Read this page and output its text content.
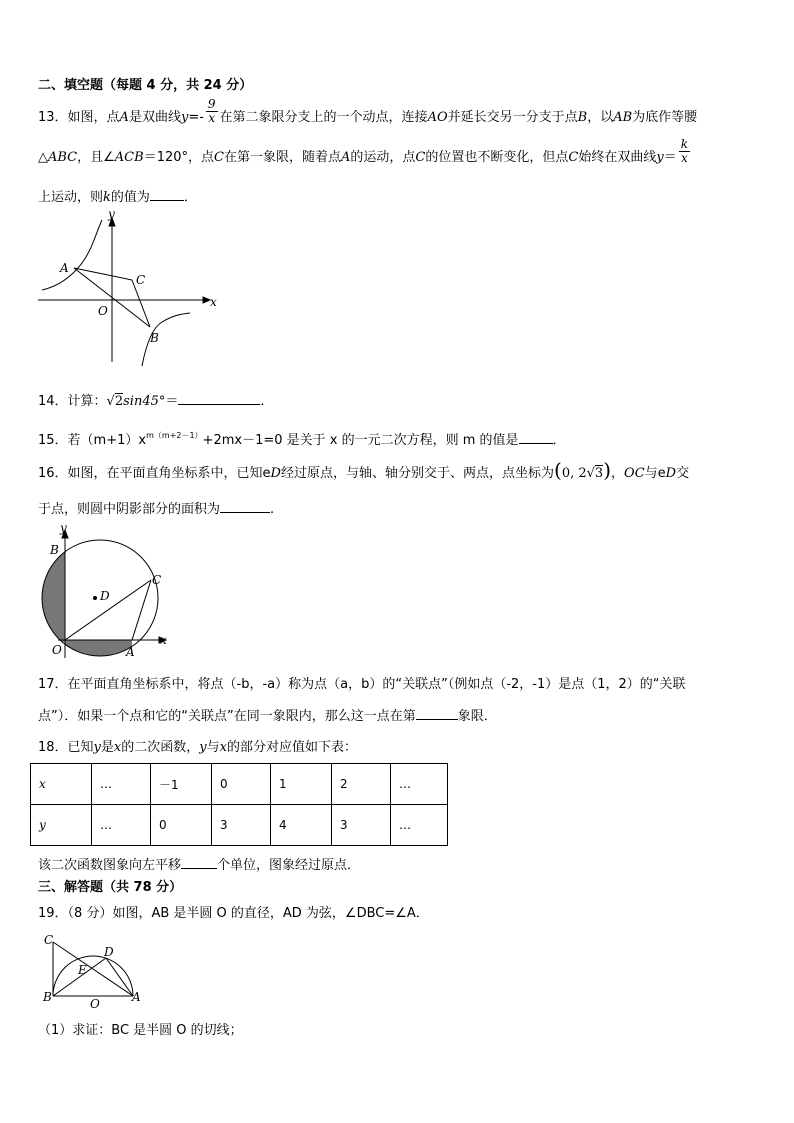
二、填空题（每题 4 分，共 24 分）
13．如图，点A是双曲线$y=- \frac{9}{x}$ 在第二象限分支上的一个动点，连接AO并延长交另一分支于点B，以AB为底作等腰
△ABC，且∠ACB＝120°，点C在第一象限，随着点A的运动，点C的位置也不断变化，但点C始终在双曲线$y= \frac{k}{x}$
上运动，则k的值为	．
y
x
A
C
O
B
14．计算：√2sin45°＝	．
15．若$(m+1)x^{m(m+2-1)}+2mx-1=0$ 是关于 x 的一元二次方程，则 m 的值是	．
16．如图，在平面直角坐标系中，已知eD经过原点，与轴、轴分别交于、两点，点坐标为(0, 2√3)，OC与eD交
于点，则圆中阴影部分的面积为	.
y
x
B
C
D
O	A
17．在平面直角坐标系中，将点（-b，-a）称为点（a，b）的“关联点”（例如点（-2，-1）是点（1，2）的“关联
点”）．如果一个点和它的“关联点”在同一象限内，那么这一点在第	象限．
18．已知y是x的二次函数，y与x的部分对应值如下表：
x	…	－1	0	1	2	…
y	…	0	3	4	3	…
该二次函数图象向左平移	个单位，图象经过原点．
三、解答题（共 78 分）
19．（8 分）如图，AB 是半圆 O 的直径，AD 为弦，∠DBC=∠A．
C
D
E
B	O	A
（1）求证：BC 是半圆 O 的切线；
